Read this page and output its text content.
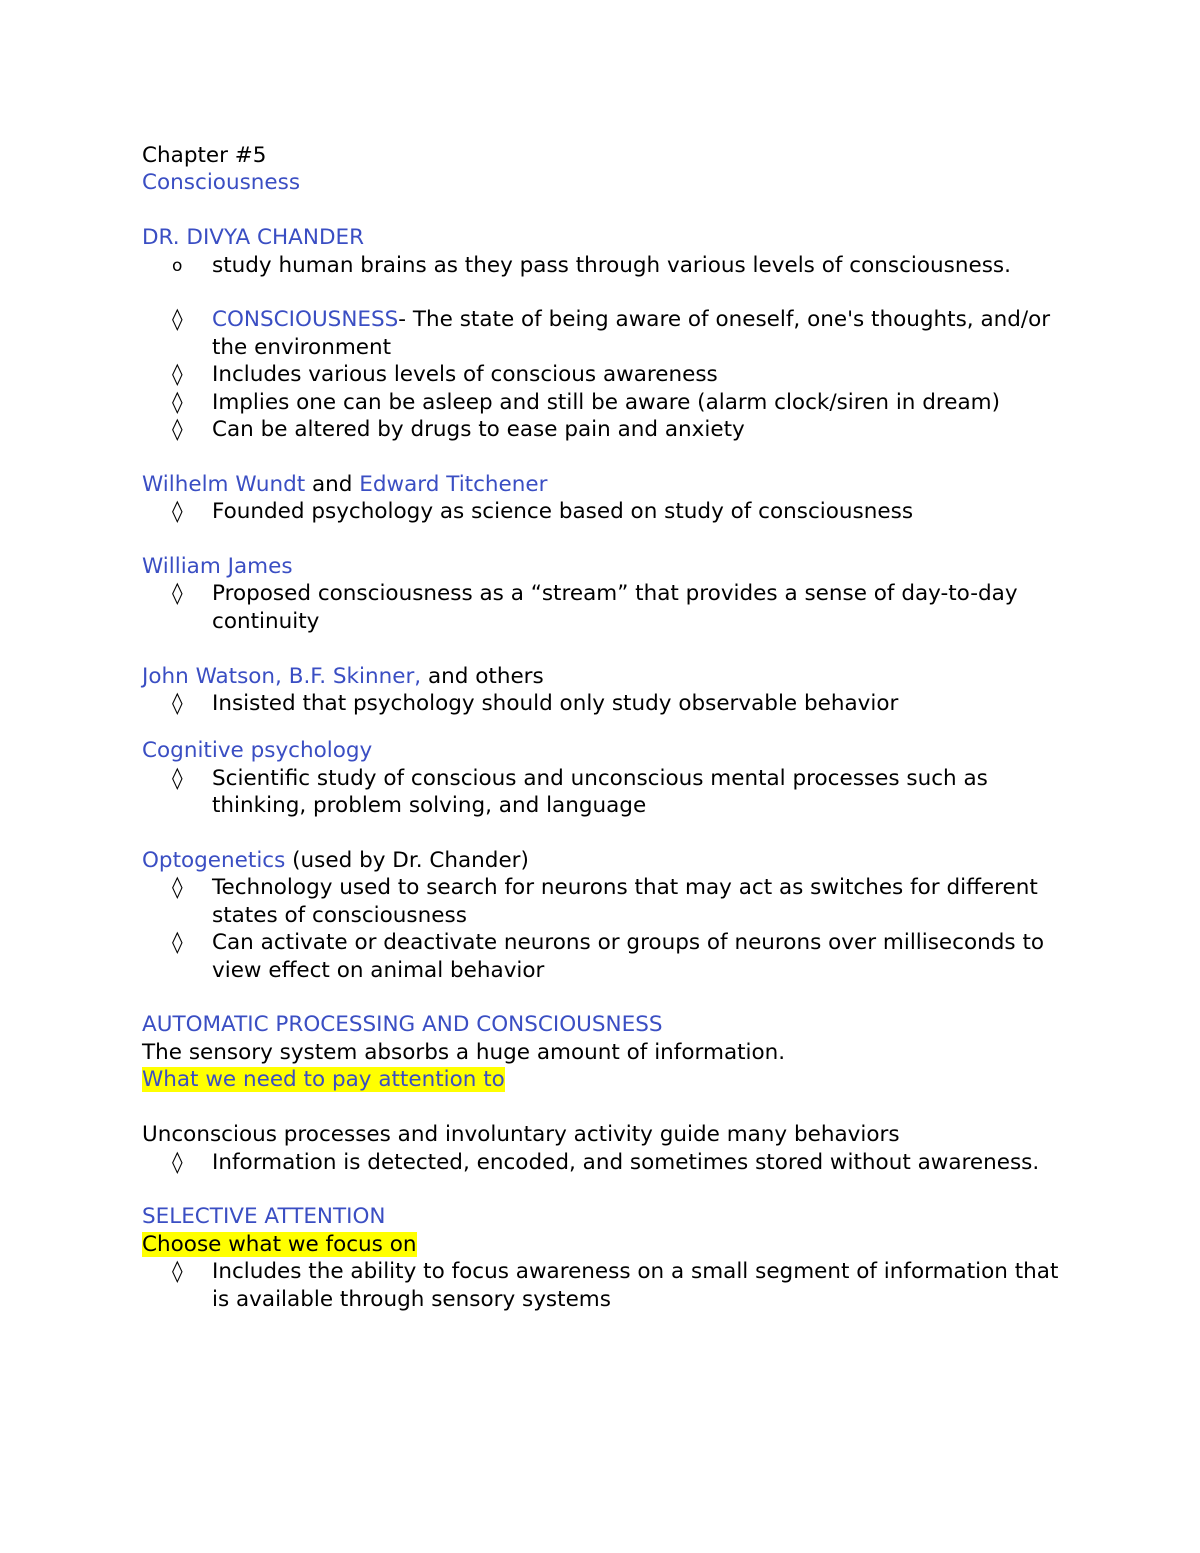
Chapter #5
Consciousness
DR. DIVYA CHANDER
o	study human brains as they pass through various levels of consciousness.
◊	CONSCIOUSNESS- The state of being aware of oneself, one's thoughts, and/or the environment
◊	Includes various levels of conscious awareness
◊	Implies one can be asleep and still be aware (alarm clock/siren in dream)
◊	Can be altered by drugs to ease pain and anxiety
Wilhelm Wundt and Edward Titchener
◊	Founded psychology as science based on study of consciousness
William James
◊	Proposed consciousness as a “stream” that provides a sense of day-to-day continuity
John Watson, B.F. Skinner, and others
◊	Insisted that psychology should only study observable behavior
Cognitive psychology
◊	Scientific study of conscious and unconscious mental processes such as thinking, problem solving, and language
Optogenetics (used by Dr. Chander)
◊	Technology used to search for neurons that may act as switches for different states of consciousness
◊	Can activate or deactivate neurons or groups of neurons over milliseconds to view effect on animal behavior
AUTOMATIC PROCESSING AND CONSCIOUSNESS
The sensory system absorbs a huge amount of information.
What we need to pay attention to
Unconscious processes and involuntary activity guide many behaviors
◊	Information is detected, encoded, and sometimes stored without awareness.
SELECTIVE ATTENTION
Choose what we focus on
◊	Includes the ability to focus awareness on a small segment of information that is available through sensory systems
